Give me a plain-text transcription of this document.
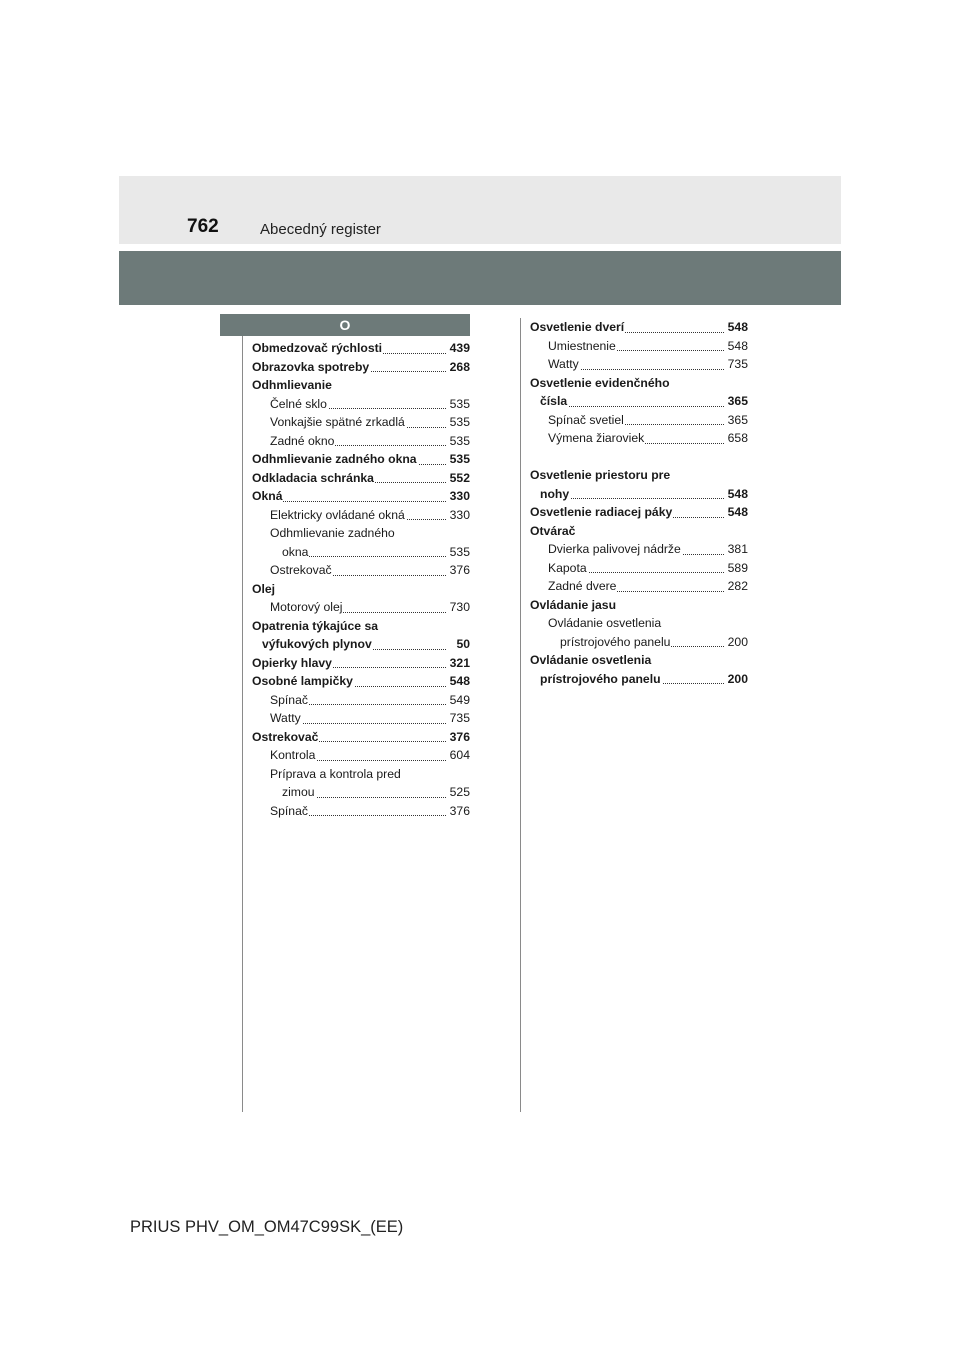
762	Abecedný register
O
Obmedzovač rýchlosti	439
Obrazovka spotreby	268
Odhmlievanie
Čelné sklo	535
Vonkajšie spätné zrkadlá	535
Zadné okno	535
Odhmlievanie zadného okna	535
Odkladacia schránka	552
Okná	330
Elektricky ovládané okná	330
Odhmlievanie zadného
okna	535
Ostrekovač	376
Olej
Motorový olej	730
Opatrenia týkajúce sa
výfukových plynov	50
Opierky hlavy	321
Osobné lampičky	548
Spínač	549
Watty	735
Ostrekovač	376
Kontrola	604
Príprava a kontrola pred
zimou	525
Spínač	376
Osvetlenie dverí	548
Umiestnenie	548
Watty	735
Osvetlenie evidenčného
čísla	365
Spínač svetiel	365
Výmena žiaroviek	658
Osvetlenie priestoru pre
nohy	548
Osvetlenie radiacej páky	548
Otvárač
Dvierka palivovej nádrže	381
Kapota	589
Zadné dvere	282
Ovládanie jasu
Ovládanie osvetlenia
prístrojového panelu	200
Ovládanie osvetlenia
prístrojového panelu	200
PRIUS PHV_OM_OM47C99SK_(EE)
